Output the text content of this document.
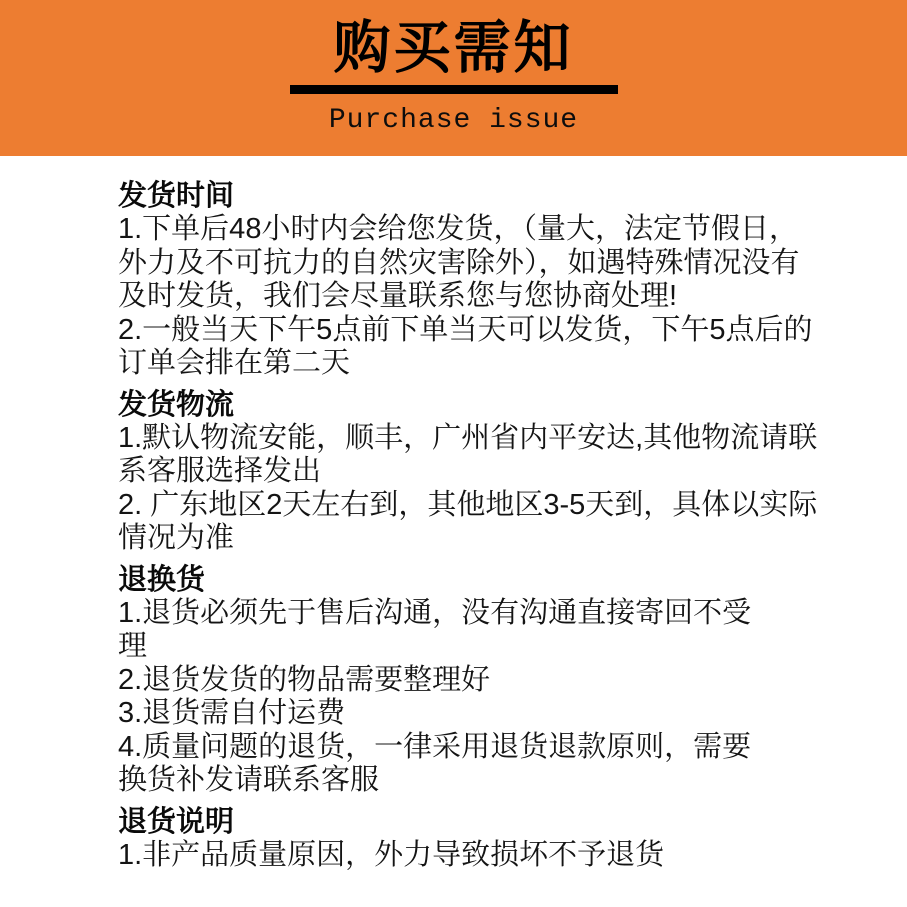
购买需知
Purchase issue
发货时间
1.下单后48小时内会给您发货，（量大，法定节假日，
外力及不可抗力的自然灾害除外），如遇特殊情况没有
及时发货，我们会尽量联系您与您协商处理!
2.一般当天下午5点前下单当天可以发货，下午5点后的
订单会排在第二天
发货物流
1.默认物流安能，顺丰，广州省内平安达,其他物流请联
系客服选择发出
2. 广东地区2天左右到，其他地区3-5天到，具体以实际
情况为准
退换货
1.退货必须先于售后沟通，没有沟通直接寄回不受
理
2.退货发货的物品需要整理好
3.退货需自付运费
4.质量问题的退货，一律采用退货退款原则，需要
换货补发请联系客服
退货说明
1.非产品质量原因，外力导致损坏不予退货
